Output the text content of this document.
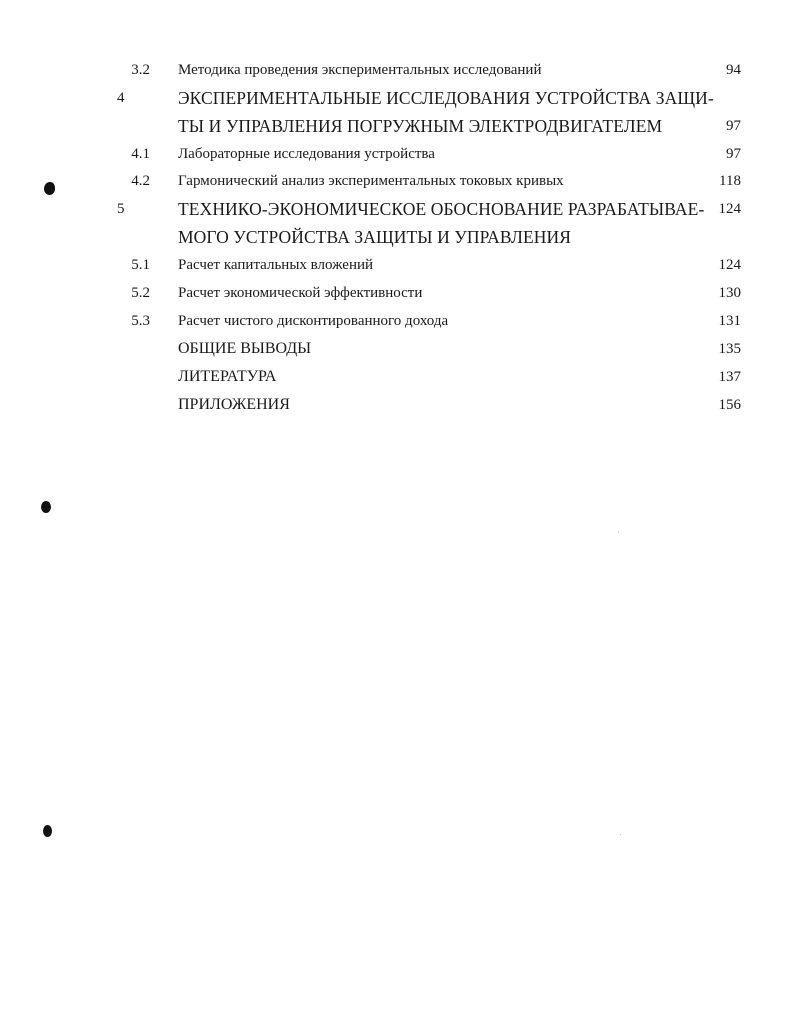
3.2 Методика проведения экспериментальных исследований	94
4	ЭКСПЕРИМЕНТАЛЬНЫЕ ИССЛЕДОВАНИЯ УСТРОЙСТВА ЗАЩИ-
ТЫ И УПРАВЛЕНИЯ ПОГРУЖНЫМ ЭЛЕКТРОДВИГАТЕЛЕМ	97
4.1 Лабораторные исследования устройства	97
4.2 Гармонический анализ экспериментальных токовых кривых	118
5	ТЕХНИКО-ЭКОНОМИЧЕСКОЕ ОБОСНОВАНИЕ РАЗРАБАТЫВАЕ- 124
МОГО УСТРОЙСТВА ЗАЩИТЫ И УПРАВЛЕНИЯ
5.1 Расчет капитальных вложений	124
5.2 Расчет экономической эффективности	130
5.3 Расчет чистого дисконтированного дохода	131
ОБЩИЕ ВЫВОДЫ	135
ЛИТЕРАТУРА	137
ПРИЛОЖЕНИЯ	156
